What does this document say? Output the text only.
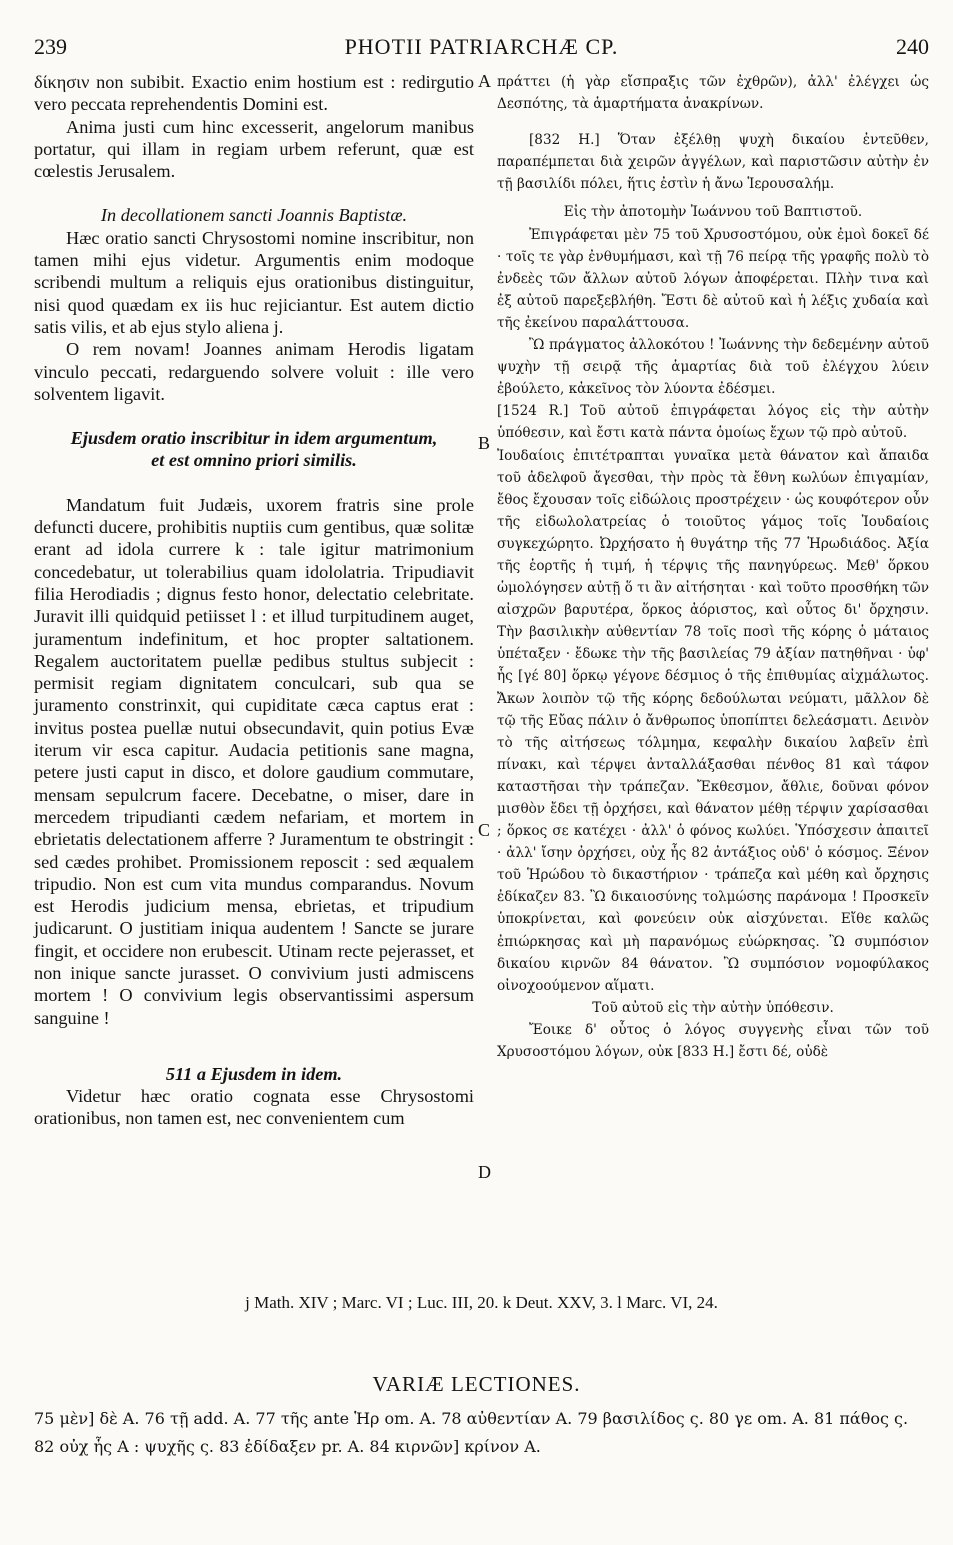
239	PHOTII PATRIARCHÆ CP.	240

δίκησιν non subibit. Exactio enim hostium est : redirgutio vero peccata reprehendentis Domini est.

Anima justi cum hinc excesserit, angelorum manibus portatur, qui illam in regiam urbem referunt, quæ est cœlestis Jerusalem.

In decollationem sancti Joannis Baptistæ.

Hæc oratio sancti Chrysostomi nomine inscribitur, non tamen mihi ejus videtur. Argumentis enim modoque scribendi multum a reliquis ejus orationibus distinguitur, nisi quod quædam ex iis huc rejiciantur. Est autem dictio satis vilis, et ab ejus stylo aliena j.

O rem novam! Joannes animam Herodis ligatam vinculo peccati, redarguendo solvere voluit : ille vero solventem ligavit.

Ejusdem oratio inscribitur in idem argumentum,

et est omnino priori similis.

Mandatum fuit Judæis, uxorem fratris sine prole defuncti ducere, prohibitis nuptiis cum gentibus, quæ solitæ erant ad idola currere k : tale igitur matrimonium concedebatur, ut tolerabilius quam idololatria. Tripudiavit filia Herodiadis ; dignus festo honor, delectatio celebritate. Juravit illi quidquid petiisset l : et illud turpitudinem auget, juramentum indefinitum, et hoc propter saltationem. Regalem auctoritatem puellæ pedibus stultus subjecit : permisit regiam dignitatem conculcari, sub qua se juramento constrinxit, qui cupiditate cæca captus erat : invitus postea puellæ nutui obsecundavit, quin potius Evæ iterum vir esca capitur. Audacia petitionis sane magna, petere justi caput in disco, et dolore gaudium commutare, mensam sepulcrum facere. Decebatne, o miser, dare in mercedem tripudianti cædem nefariam, et mortem in ebrietatis delectationem afferre ? Juramentum te obstringit : sed cædes prohibet. Promissionem reposcit : sed æqualem tripudio. Non est cum vita mundus comparandus. Novum est Herodis judicium mensa, ebrietas, et tripudium judicarunt. O justitiam iniqua audentem ! Sancte se jurare fingit, et occidere non erubescit. Utinam recte pejerasset, et non inique sancte jurasset. O convivium justi admiscens mortem ! O convivium legis observantissimi aspersum sanguine !

511 a Ejusdem in idem.

Videtur hæc oratio cognata esse Chrysostomi orationibus, non tamen est, nec convenientem cum

πράττει (ἡ γὰρ εἴσπραξις τῶν ἐχθρῶν), ἀλλ' ἐλέγχει ὡς Δεσπότης, τὰ ἁμαρτήματα ἀνακρίνων.

[832 H.] Ὅταν ἐξέλθῃ ψυχὴ δικαίου ἐντεῦθεν, παραπέμπεται διὰ χειρῶν ἀγγέλων, καὶ παριστῶσιν αὐτὴν ἐν τῇ βασιλίδι πόλει, ἥτις ἐστὶν ἡ ἄνω Ἱερουσαλήμ.

Εἰς τὴν ἀποτομὴν Ἰωάννου τοῦ Βαπτιστοῦ.

Ἐπιγράφεται μὲν 75 τοῦ Χρυσοστόμου, οὐκ ἐμοὶ δοκεῖ δέ · τοῖς τε γὰρ ἐνθυμήμασι, καὶ τῇ 76 πείρᾳ τῆς γραφῆς πολὺ τὸ ἐνδεὲς τῶν ἄλλων αὐτοῦ λόγων ἀποφέρεται. Πλὴν τινα καὶ ἐξ αὐτοῦ παρεξεβλήθη. Ἔστι δὲ αὐτοῦ καὶ ἡ λέξις χυδαία καὶ τῆς ἐκείνου παραλάττουσα.

Ὢ πράγματος ἀλλοκότου ! Ἰωάννης τὴν δεδεμένην αὐτοῦ ψυχὴν τῇ σειρᾷ τῆς ἁμαρτίας διὰ τοῦ ἐλέγχου λύειν ἐβούλετο, κἀκεῖνος τὸν λύοντα ἐδέσμει.

[1524 R.] Τοῦ αὐτοῦ ἐπιγράφεται λόγος εἰς τὴν αὐτὴν ὑπόθεσιν, καὶ ἔστι κατὰ πάντα ὁμοίως ἔχων τῷ πρὸ αὐτοῦ.

Ἰουδαίοις ἐπιτέτραπται γυναῖκα μετὰ θάνατον καὶ ἄπαιδα τοῦ ἀδελφοῦ ἄγεσθαι, τὴν πρὸς τὰ ἔθνη κωλύων ἐπιγαμίαν, ἔθος ἔχουσαν τοῖς εἰδώλοις προστρέχειν · ὡς κουφότερον οὖν τῆς εἰδωλολατρείας ὁ τοιοῦτος γάμος τοῖς Ἰουδαίοις συγκεχώρητο. Ὠρχήσατο ἡ θυγάτηρ τῆς 77 Ἡρωδιάδος. Ἀξία τῆς ἑορτῆς ἡ τιμή, ἡ τέρψις τῆς πανηγύρεως. Μεθ' ὅρκου ὡμολόγησεν αὐτῇ ὅ τι ἂν αἰτήσηται · καὶ τοῦτο προσθήκη τῶν αἰσχρῶν βαρυτέρα, ὅρκος ἀόριστος, καὶ οὗτος δι' ὄρχησιν. Τὴν βασιλικὴν αὐθεντίαν 78 τοῖς ποσὶ τῆς κόρης ὁ μάταιος ὑπέταξεν · ἔδωκε τὴν τῆς βασιλείας 79 ἀξίαν πατηθῆναι · ὑφ' ἧς [γέ 80] ὅρκῳ γέγονε δέσμιος ὁ τῆς ἐπιθυμίας αἰχμάλωτος. Ἄκων λοιπὸν τῷ τῆς κόρης δεδούλωται νεύματι, μᾶλλον δὲ τῷ τῆς Εὔας πάλιν ὁ ἄνθρωπος ὑποπίπτει δελεάσματι. Δεινὸν τὸ τῆς αἰτήσεως τόλμημα, κεφαλὴν δικαίου λαβεῖν ἐπὶ πίνακι, καὶ τέρψει ἀνταλλάξασθαι πένθος 81 καὶ τάφον καταστῆσαι τὴν τράπεζαν. Ἔκθεσμον, ἄθλιε, δοῦναι φόνον μισθὸν ἔδει τῇ ὀρχήσει, καὶ θάνατον μέθῃ τέρψιν χαρίσασθαι ; ὅρκος σε κατέχει · ἀλλ' ὁ φόνος κωλύει. Ὑπόσχεσιν ἀπαιτεῖ · ἀλλ' ἴσην ὀρχήσει, οὐχ ἧς 82 ἀντάξιος οὐδ' ὁ κόσμος. Ξένον τοῦ Ἡρώδου τὸ δικαστήριον · τράπεζα καὶ μέθη καὶ ὄρχησις ἐδίκαζεν 83. Ὢ δικαιοσύνης τολμώσης παράνομα ! Προσκεῖν ὑποκρίνεται, καὶ φονεύειν οὐκ αἰσχύνεται. Εἴθε καλῶς ἐπιώρκησας καὶ μὴ παρανόμως εὐώρκησας. Ὢ συμπόσιον δικαίου κιρνῶν 84 θάνατον. Ὢ συμπόσιον νομοφύλακος οἰνοχοούμενον αἵματι.

Τοῦ αὐτοῦ εἰς τὴν αὐτὴν ὑπόθεσιν.

Ἔοικε δ' οὗτος ὁ λόγος συγγενὴς εἶναι τῶν τοῦ Χρυσοστόμου λόγων, οὐκ [833 H.] ἔστι δέ, οὐδὲ

A
B
C
D
j Math. XIV ; Marc. VI ; Luc. III, 20. k Deut. XXV, 3. l Marc. VI, 24.
VARIÆ LECTIONES.
75 μὲν] δὲ A. 76 τῇ add. A. 77 τῆς ante Ἡρ om. A. 78 αὐθεντίαν A. 79 βασιλίδος ς. 80 γε om. A. 81 πάθος ς. 82 οὐχ ἧς A : ψυχῆς ς. 83 ἐδίδαξεν pr. A. 84 κιρνῶν] κρίνον A.
